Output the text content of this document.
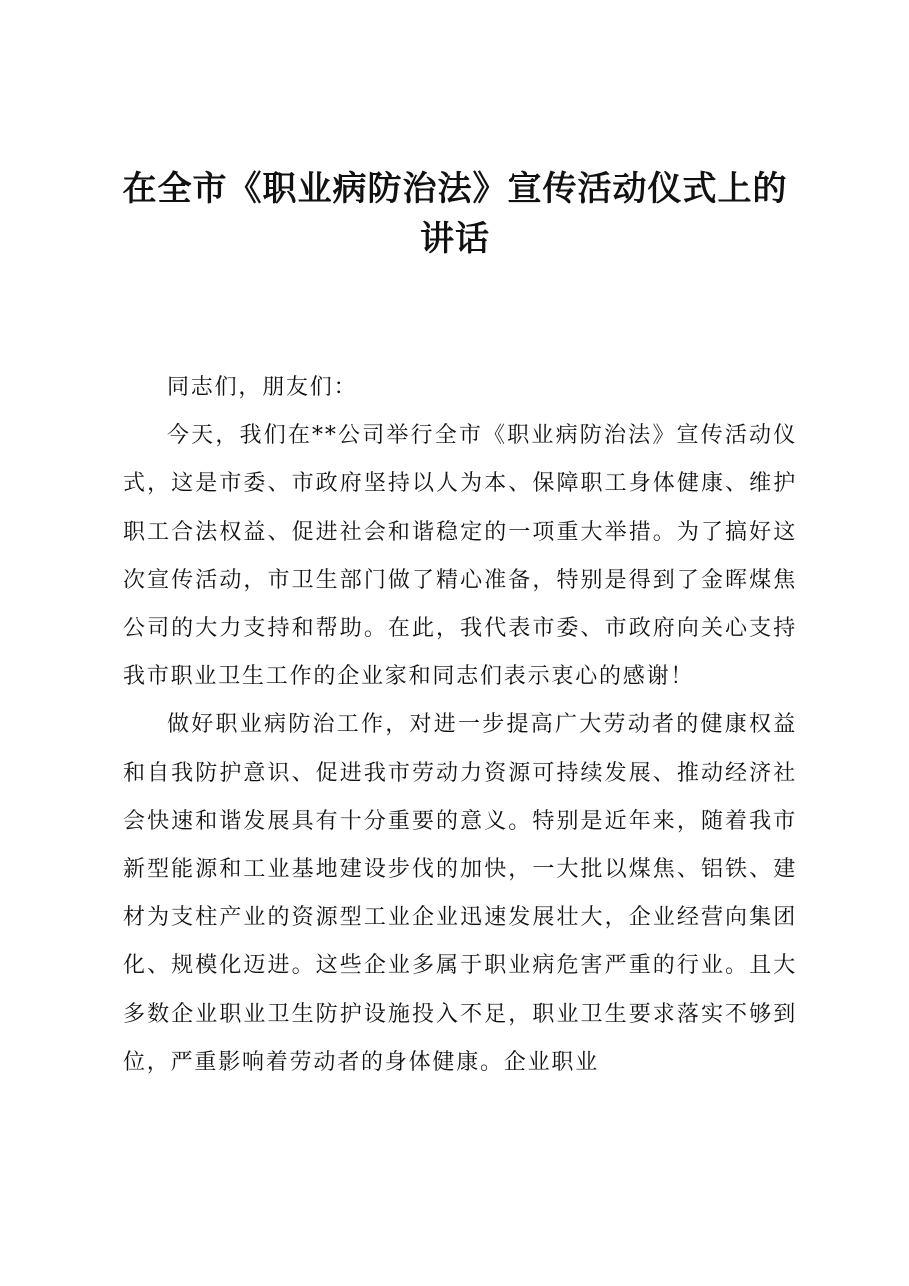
在全市《职业病防治法》宣传活动仪式上的讲话

同志们，朋友们：

今天，我们在**公司举行全市《职业病防治法》宣传活动仪式，这是市委、市政府坚持以人为本、保障职工身体健康、维护职工合法权益、促进社会和谐稳定的一项重大举措。为了搞好这次宣传活动，市卫生部门做了精心准备，特别是得到了金晖煤焦公司的大力支持和帮助。在此，我代表市委、市政府向关心支持我市职业卫生工作的企业家和同志们表示衷心的感谢！

做好职业病防治工作，对进一步提高广大劳动者的健康权益和自我防护意识、促进我市劳动力资源可持续发展、推动经济社会快速和谐发展具有十分重要的意义。特别是近年来，随着我市新型能源和工业基地建设步伐的加快，一大批以煤焦、铝铁、建材为支柱产业的资源型工业企业迅速发展壮大，企业经营向集团化、规模化迈进。这些企业多属于职业病危害严重的行业。且大多数企业职业卫生防护设施投入不足，职业卫生要求落实不够到位，严重影响着劳动者的身体健康。企业职业
